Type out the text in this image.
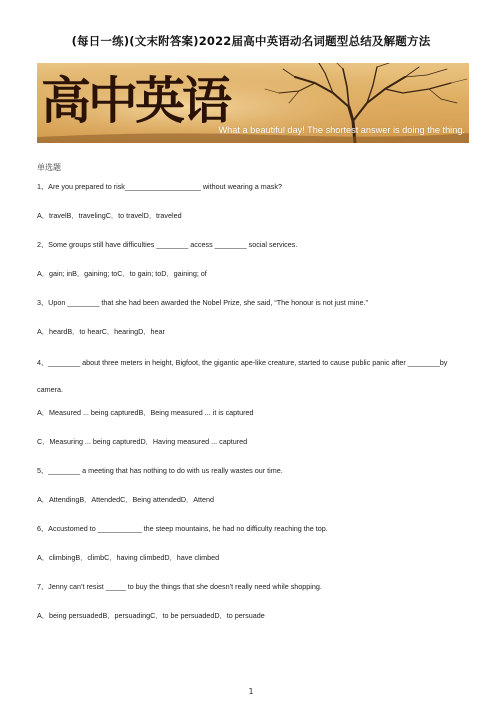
(每日一练)(文末附答案)2022届高中英语动名词题型总结及解题方法
高中英语
What a beautiful day! The shortest answer is doing the thing.
单选题
1、Are you prepared to risk___________________ without wearing a mask?
A．travelB．travelingC．to travelD．traveled
2、Some groups still have difficulties ________ access ________ social services.
A．gain; inB．gaining; toC．to gain; toD．gaining; of
3、Upon ________ that she had been awarded the Nobel Prize, she said, “The honour is not just mine.”
A．heardB．to hearC．hearingD．hear
4、________ about three meters in height, Bigfoot, the gigantic ape-like creature, started to cause public panic after ________by camera.
A．Measured ... being capturedB．Being measured ... it is captured
C．Measuring ... being capturedD．Having measured ... captured
5、________ a meeting that has nothing to do with us really wastes our time.
A．AttendingB．AttendedC．Being attendedD．Attend
6、Accustomed to ___________ the steep mountains, he had no difficulty reaching the top.
A．climbingB．climbC．having climbedD．have climbed
7、Jenny can’t resist _____ to buy the things that she doesn’t really need while shopping.
A．being persuadedB．persuadingC．to be persuadedD．to persuade
1
